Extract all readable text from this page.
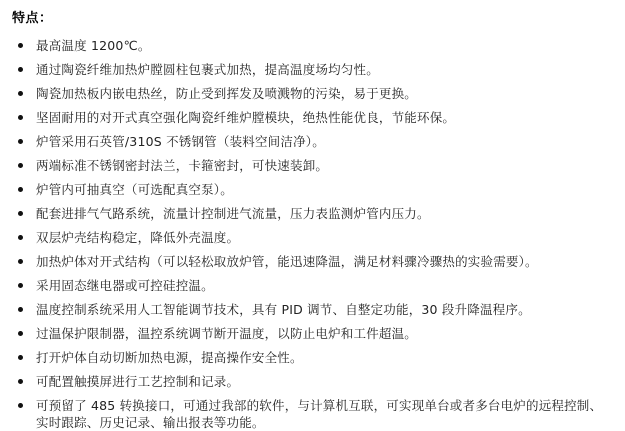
特点：
最高温度 1200℃。
通过陶瓷纤维加热炉膛圆柱包裹式加热，提高温度场均匀性。
陶瓷加热板内嵌电热丝，防止受到挥发及喷溅物的污染，易于更换。
坚固耐用的对开式真空强化陶瓷纤维炉膛模块，绝热性能优良，节能环保。
炉管采用石英管/310S 不锈钢管（装料空间洁净）。
两端标准不锈钢密封法兰，卡箍密封，可快速装卸。
炉管内可抽真空（可选配真空泵）。
配套进排气气路系统，流量计控制进气流量，压力表监测炉管内压力。
双层炉壳结构稳定，降低外壳温度。
加热炉体对开式结构（可以轻松取放炉管，能迅速降温，满足材料骤冷骤热的实验需要）。
采用固态继电器或可控硅控温。
温度控制系统采用人工智能调节技术，具有 PID 调节、自整定功能，30 段升降温程序。
过温保护限制器，温控系统调节断开温度，以防止电炉和工件超温。
打开炉体自动切断加热电源，提高操作安全性。
可配置触摸屏进行工艺控制和记录。
可预留了 485 转换接口，可通过我部的软件，与计算机互联，可实现单台或者多台电炉的远程控制、
实时跟踪、历史记录、输出报表等功能。
